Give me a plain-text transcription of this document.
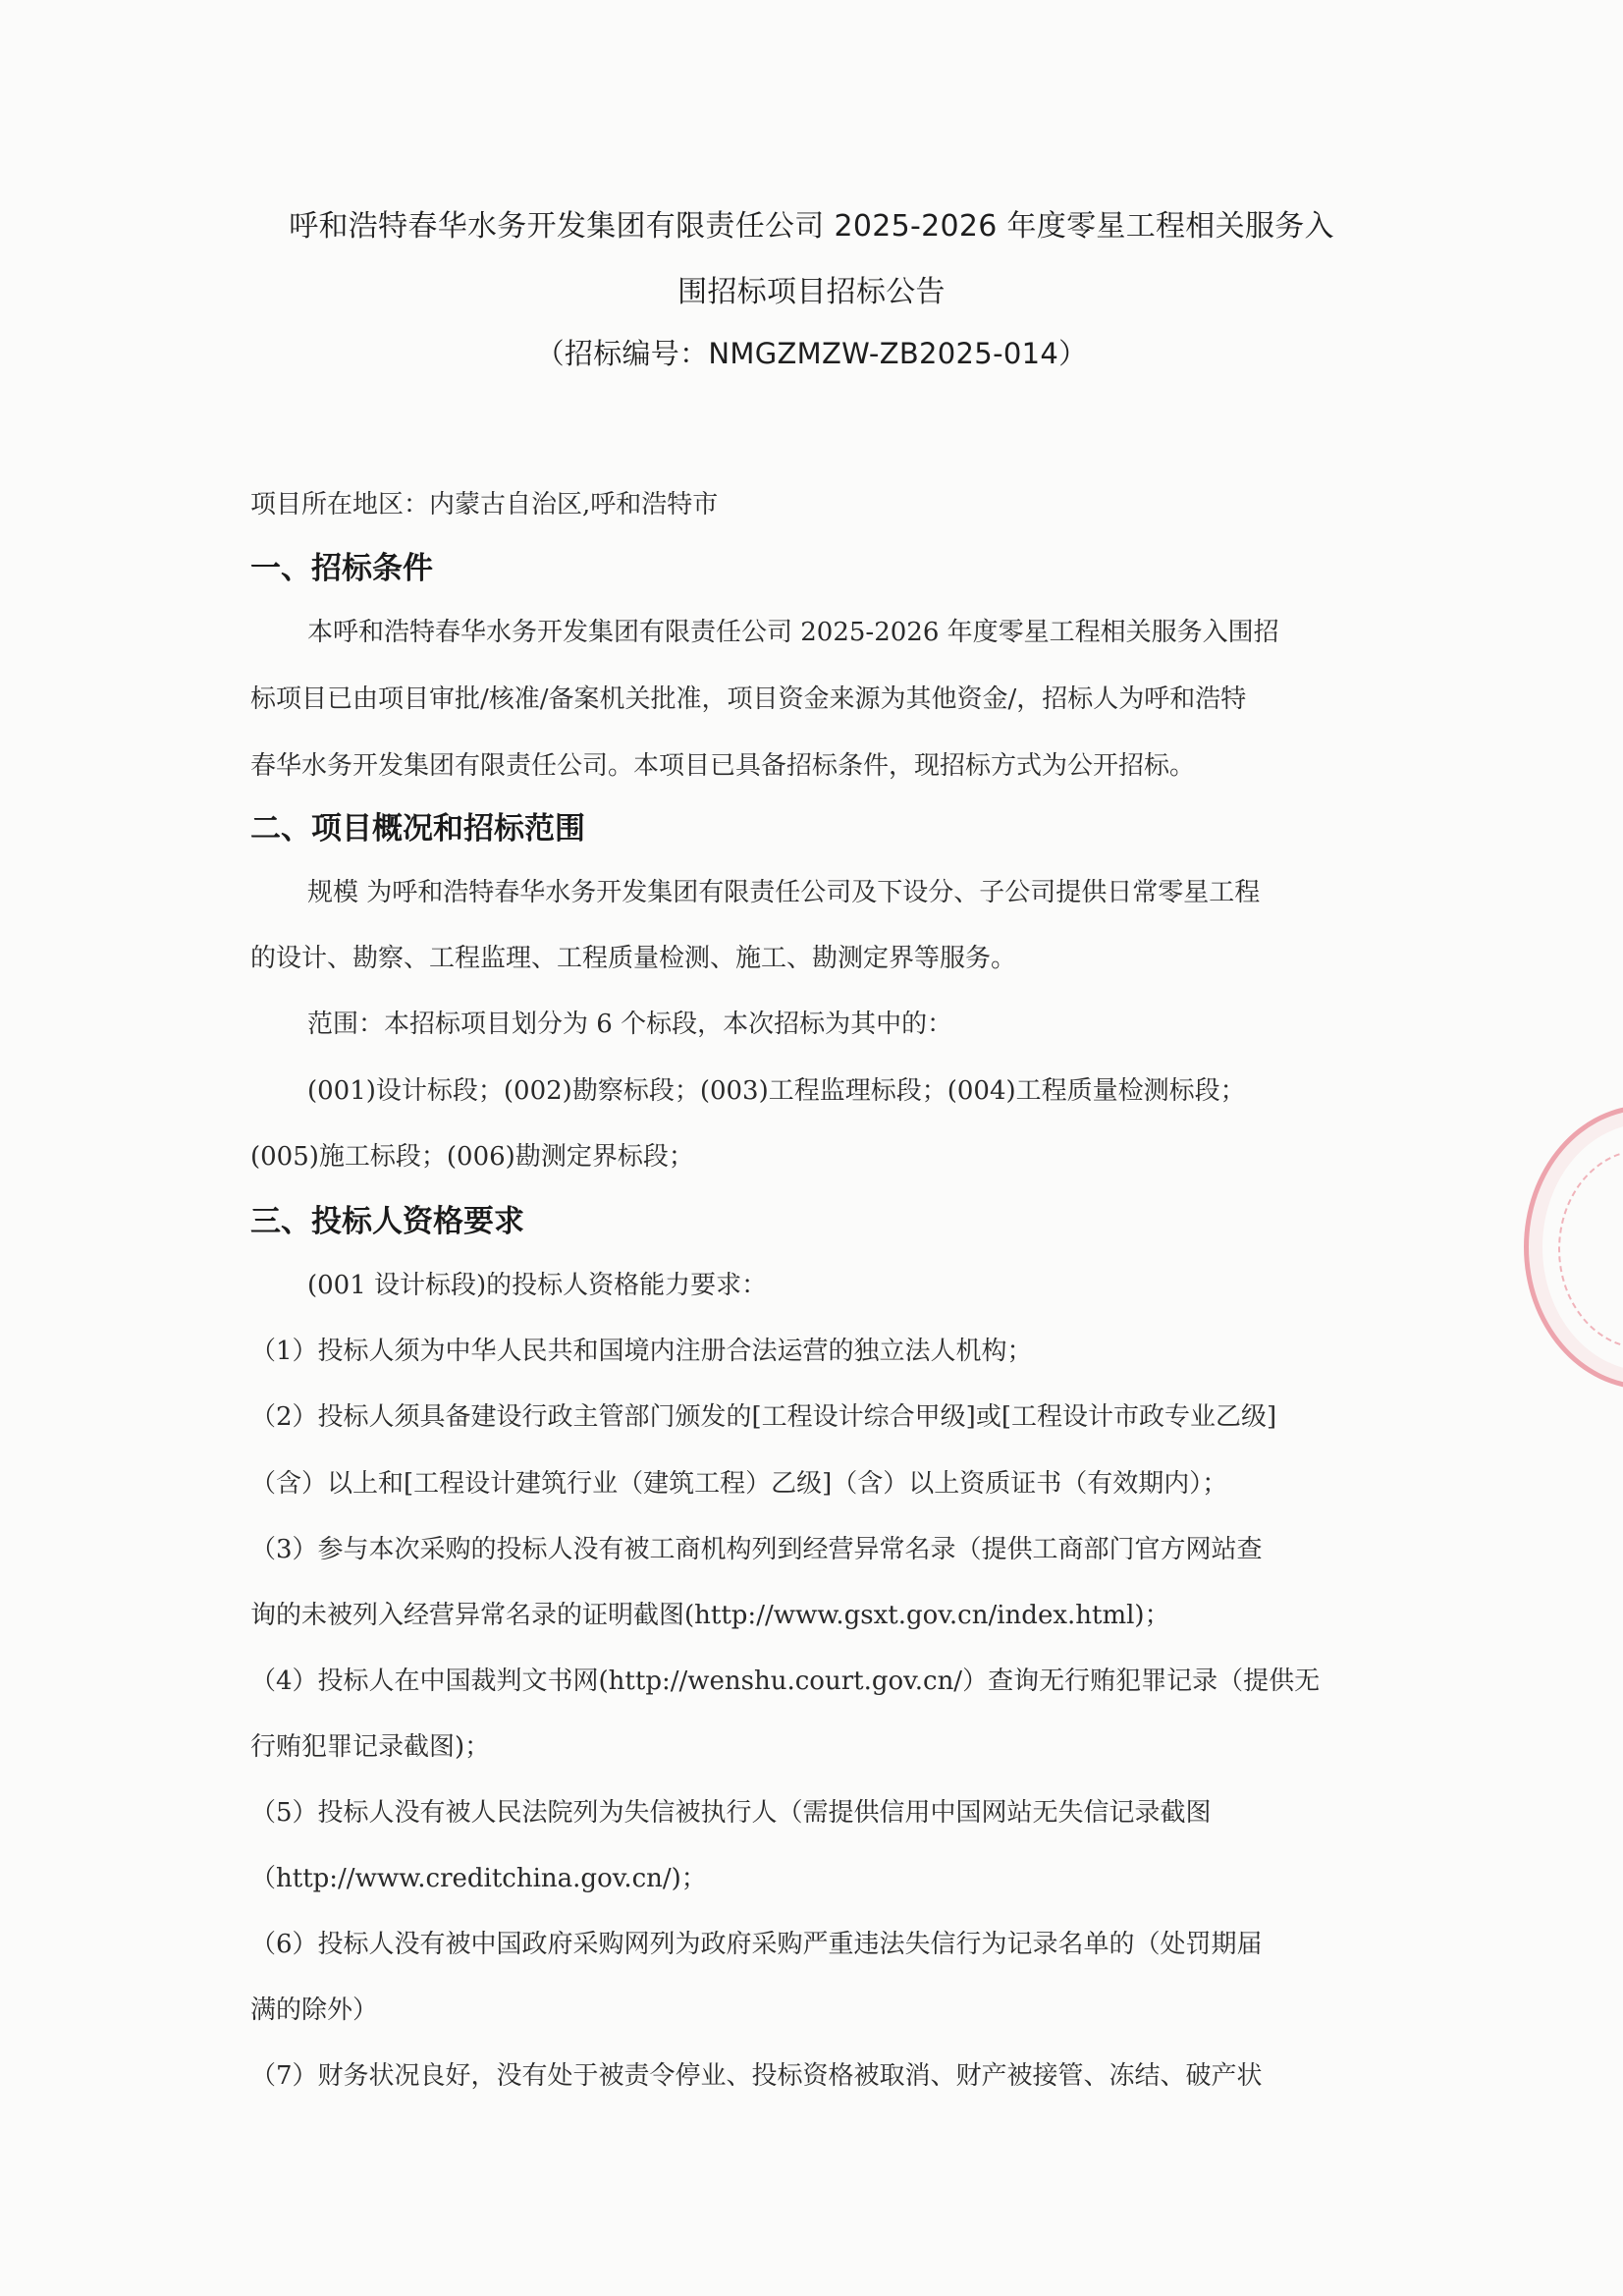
呼和浩特春华水务开发集团有限责任公司 2025-2026 年度零星工程相关服务入
围招标项目招标公告
（招标编号：NMGZMZW-ZB2025-014）
项目所在地区：内蒙古自治区,呼和浩特市
一、招标条件
本呼和浩特春华水务开发集团有限责任公司 2025-2026 年度零星工程相关服务入围招
标项目已由项目审批/核准/备案机关批准，项目资金来源为其他资金/，招标人为呼和浩特
春华水务开发集团有限责任公司。本项目已具备招标条件，现招标方式为公开招标。
二、项目概况和招标范围
规模 为呼和浩特春华水务开发集团有限责任公司及下设分、子公司提供日常零星工程
的设计、勘察、工程监理、工程质量检测、施工、勘测定界等服务。
范围：本招标项目划分为 6 个标段，本次招标为其中的：
(001)设计标段；(002)勘察标段；(003)工程监理标段；(004)工程质量检测标段；
(005)施工标段；(006)勘测定界标段；
三、投标人资格要求
(001 设计标段)的投标人资格能力要求：
（1）投标人须为中华人民共和国境内注册合法运营的独立法人机构；
（2）投标人须具备建设行政主管部门颁发的[工程设计综合甲级]或[工程设计市政专业乙级]
（含）以上和[工程设计建筑行业（建筑工程）乙级]（含）以上资质证书（有效期内）；
（3）参与本次采购的投标人没有被工商机构列到经营异常名录（提供工商部门官方网站查
询的未被列入经营异常名录的证明截图(http://www.gsxt.gov.cn/index.html)；
（4）投标人在中国裁判文书网(http://wenshu.court.gov.cn/）查询无行贿犯罪记录（提供无
行贿犯罪记录截图)；
（5）投标人没有被人民法院列为失信被执行人（需提供信用中国网站无失信记录截图
（http://www.creditchina.gov.cn/)；
（6）投标人没有被中国政府采购网列为政府采购严重违法失信行为记录名单的（处罚期届
满的除外）
（7）财务状况良好，没有处于被责令停业、投标资格被取消、财产被接管、冻结、破产状
